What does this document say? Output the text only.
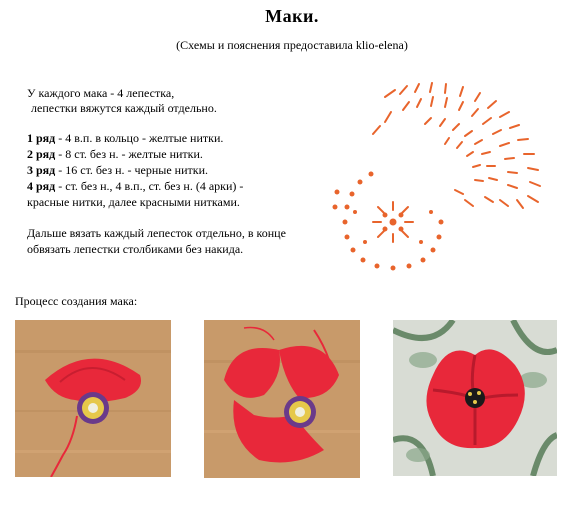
Маки.
(Схемы и пояснения предоставила klio-elena)
У каждого мака - 4 лепестка,
лепестки вяжутся каждый отдельно.
1 ряд - 4 в.п. в кольцо - желтые нитки.
2 ряд - 8 ст. без н. - желтые нитки.
3 ряд - 16 ст. без н. - черные нитки.
4 ряд - ст. без н., 4 в.п., ст. без н. (4 арки) -
красные нитки, далее красными нитками.
Дальше вязать каждый лепесток отдельно, в конце обвязать лепестки столбиками без накида.
Процесс создания мака:
